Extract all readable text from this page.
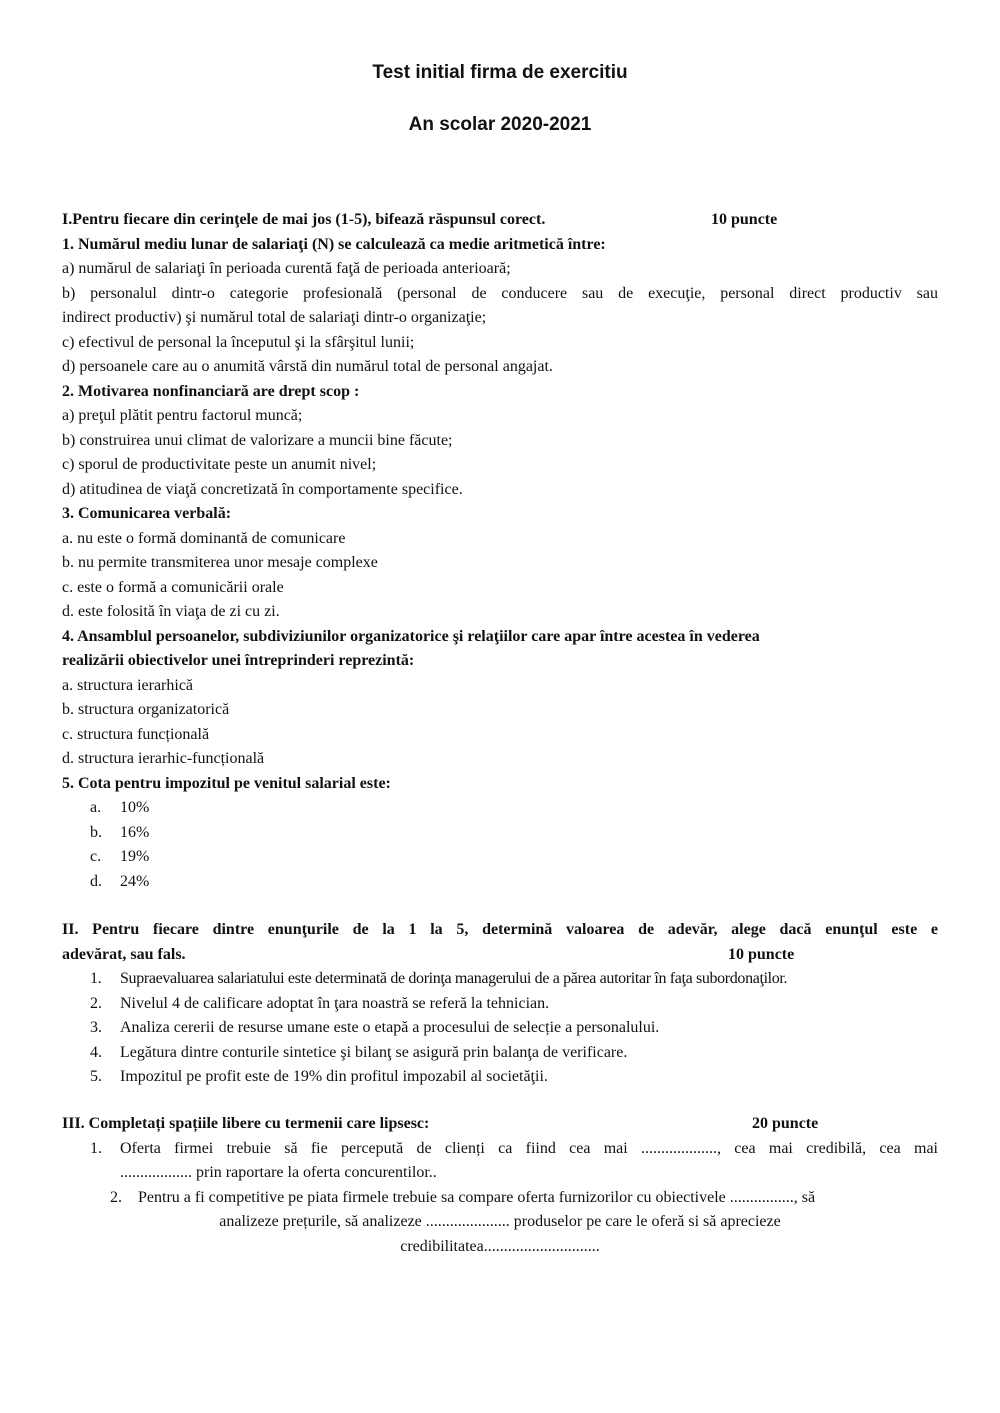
Test initial firma de exercitiu
An scolar 2020-2021
I.Pentru fiecare din cerinţele de mai jos (1-5), bifează răspunsul corect.	10 puncte
1. Numărul mediu lunar de salariaţi (N) se calculează ca medie aritmetică între:
a) numărul de salariaţi în perioada curentă faţă de perioada anterioară;
b) personalul dintr-o categorie profesională (personal de conducere sau de execuţie, personal direct productiv sau
indirect productiv) şi numărul total de salariaţi dintr-o organizaţie;
c) efectivul de personal la începutul şi la sfârşitul lunii;
d) persoanele care au o anumită vârstă din numărul total de personal angajat.
2. Motivarea nonfinanciară are drept scop :
a) preţul plătit pentru factorul muncă;
b) construirea unui climat de valorizare a muncii bine făcute;
c) sporul de productivitate peste un anumit nivel;
d) atitudinea de viaţă concretizată în comportamente specifice.
3. Comunicarea verbală:
a. nu este o formă dominantă de comunicare
b. nu permite transmiterea unor mesaje complexe
c. este o formă a comunicării orale
d. este folosită în viaţa de zi cu zi.
4. Ansamblul persoanelor, subdiviziunilor organizatorice şi relaţiilor care apar între acestea în vederea
realizării obiectivelor unei întreprinderi reprezintă:
a. structura ierarhică
b. structura organizatorică
c. structura funcțională
d. structura ierarhic-funcțională
5. Cota pentru impozitul pe venitul salarial este:
a. 10%
b. 16%
c. 19%
d. 24%
II. Pentru fiecare dintre enunţurile de la 1 la 5, determină valoarea de adevăr, alege dacă enunţul este e
adevărat, sau fals.	10 puncte
1. Supraevaluarea salariatului este determinată de dorinţa managerului de a părea autoritar în faţa subordonaţilor.
2. Nivelul 4 de calificare adoptat în ţara noastră se referă la tehnician.
3. Analiza cererii de resurse umane este o etapă a procesului de selecție a personalului.
4. Legătura dintre conturile sintetice şi bilanţ se asigură prin balanţa de verificare.
5. Impozitul pe profit este de 19% din profitul impozabil al societăţii.
III. Completați spațiile libere cu termenii care lipsesc:	20 puncte
1. Oferta firmei trebuie să fie percepută de clienți ca fiind cea mai ..................., cea mai credibilă, cea mai
.................. prin raportare la oferta concurentilor..
2. Pentru a fi competitive pe piata firmele trebuie sa compare oferta furnizorilor cu obiectivele ................, să
analizeze prețurile, să analizeze ..................... produselor pe care le oferă si să aprecieze
credibilitatea.............................
